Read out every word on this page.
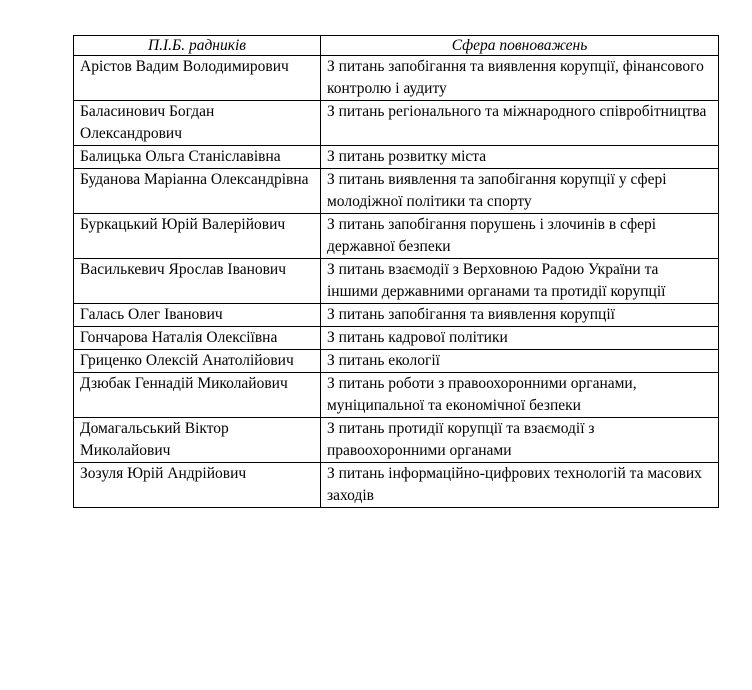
П.І.Б. радників	Сфера повноважень
Арістов Вадим Володимирович	З питань запобігання та виявлення корупції, фінансового контролю і аудиту
Баласинович Богдан Олександрович	З питань регіонального та міжнародного співробітництва
Балицька Ольга Станіславівна	З питань розвитку міста
Буданова Маріанна Олександрівна	З питань виявлення та запобігання корупції у сфері молодіжної політики та спорту
Буркацький Юрій Валерійович	З питань запобігання порушень і злочинів в сфері державної безпеки
Василькевич Ярослав Іванович	З питань взаємодії з Верховною Радою України та іншими державними органами та протидії корупції
Галась Олег Іванович	З питань запобігання та виявлення корупції
Гончарова Наталія Олексіївна	З питань кадрової політики
Гриценко Олексій Анатолійович	З питань екології
Дзюбак Геннадій Миколайович	З питань роботи з правоохоронними органами, муніципальної та економічної безпеки
Домагальський Віктор Миколайович	З питань протидії корупції та взаємодії з правоохоронними органами
Зозуля Юрій Андрійович	З питань інформаційно-цифрових технологій та масових заходів
